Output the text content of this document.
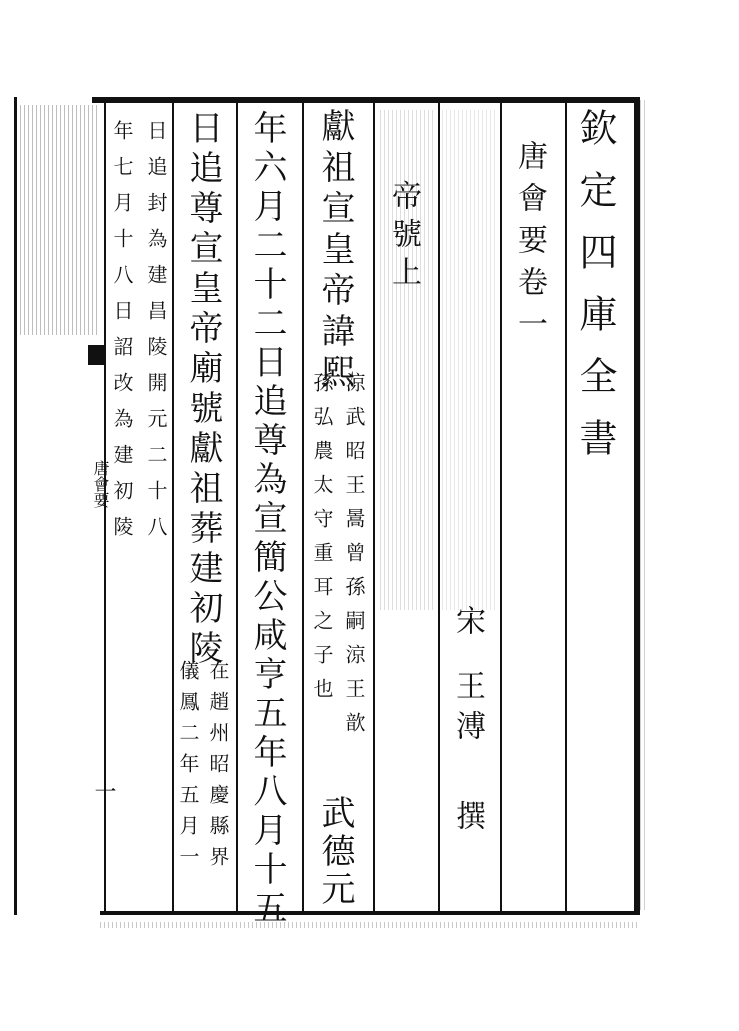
欽定四庫全書
唐會要卷一
宋
王溥
撰
帝號上
獻祖宣皇帝諱熙
涼武昭王暠曾孫嗣涼王歆
孫弘農太守重耳之子也
武德元
年六月二十二日追尊為宣簡公咸亨五年八月十五
日追尊宣皇帝廟號獻祖葬建初陵
在趙州昭慶縣界
儀鳳二年五月一
日追封為建昌陵開元二十八
年七月十八日詔改為建初陵
唐會要
一
